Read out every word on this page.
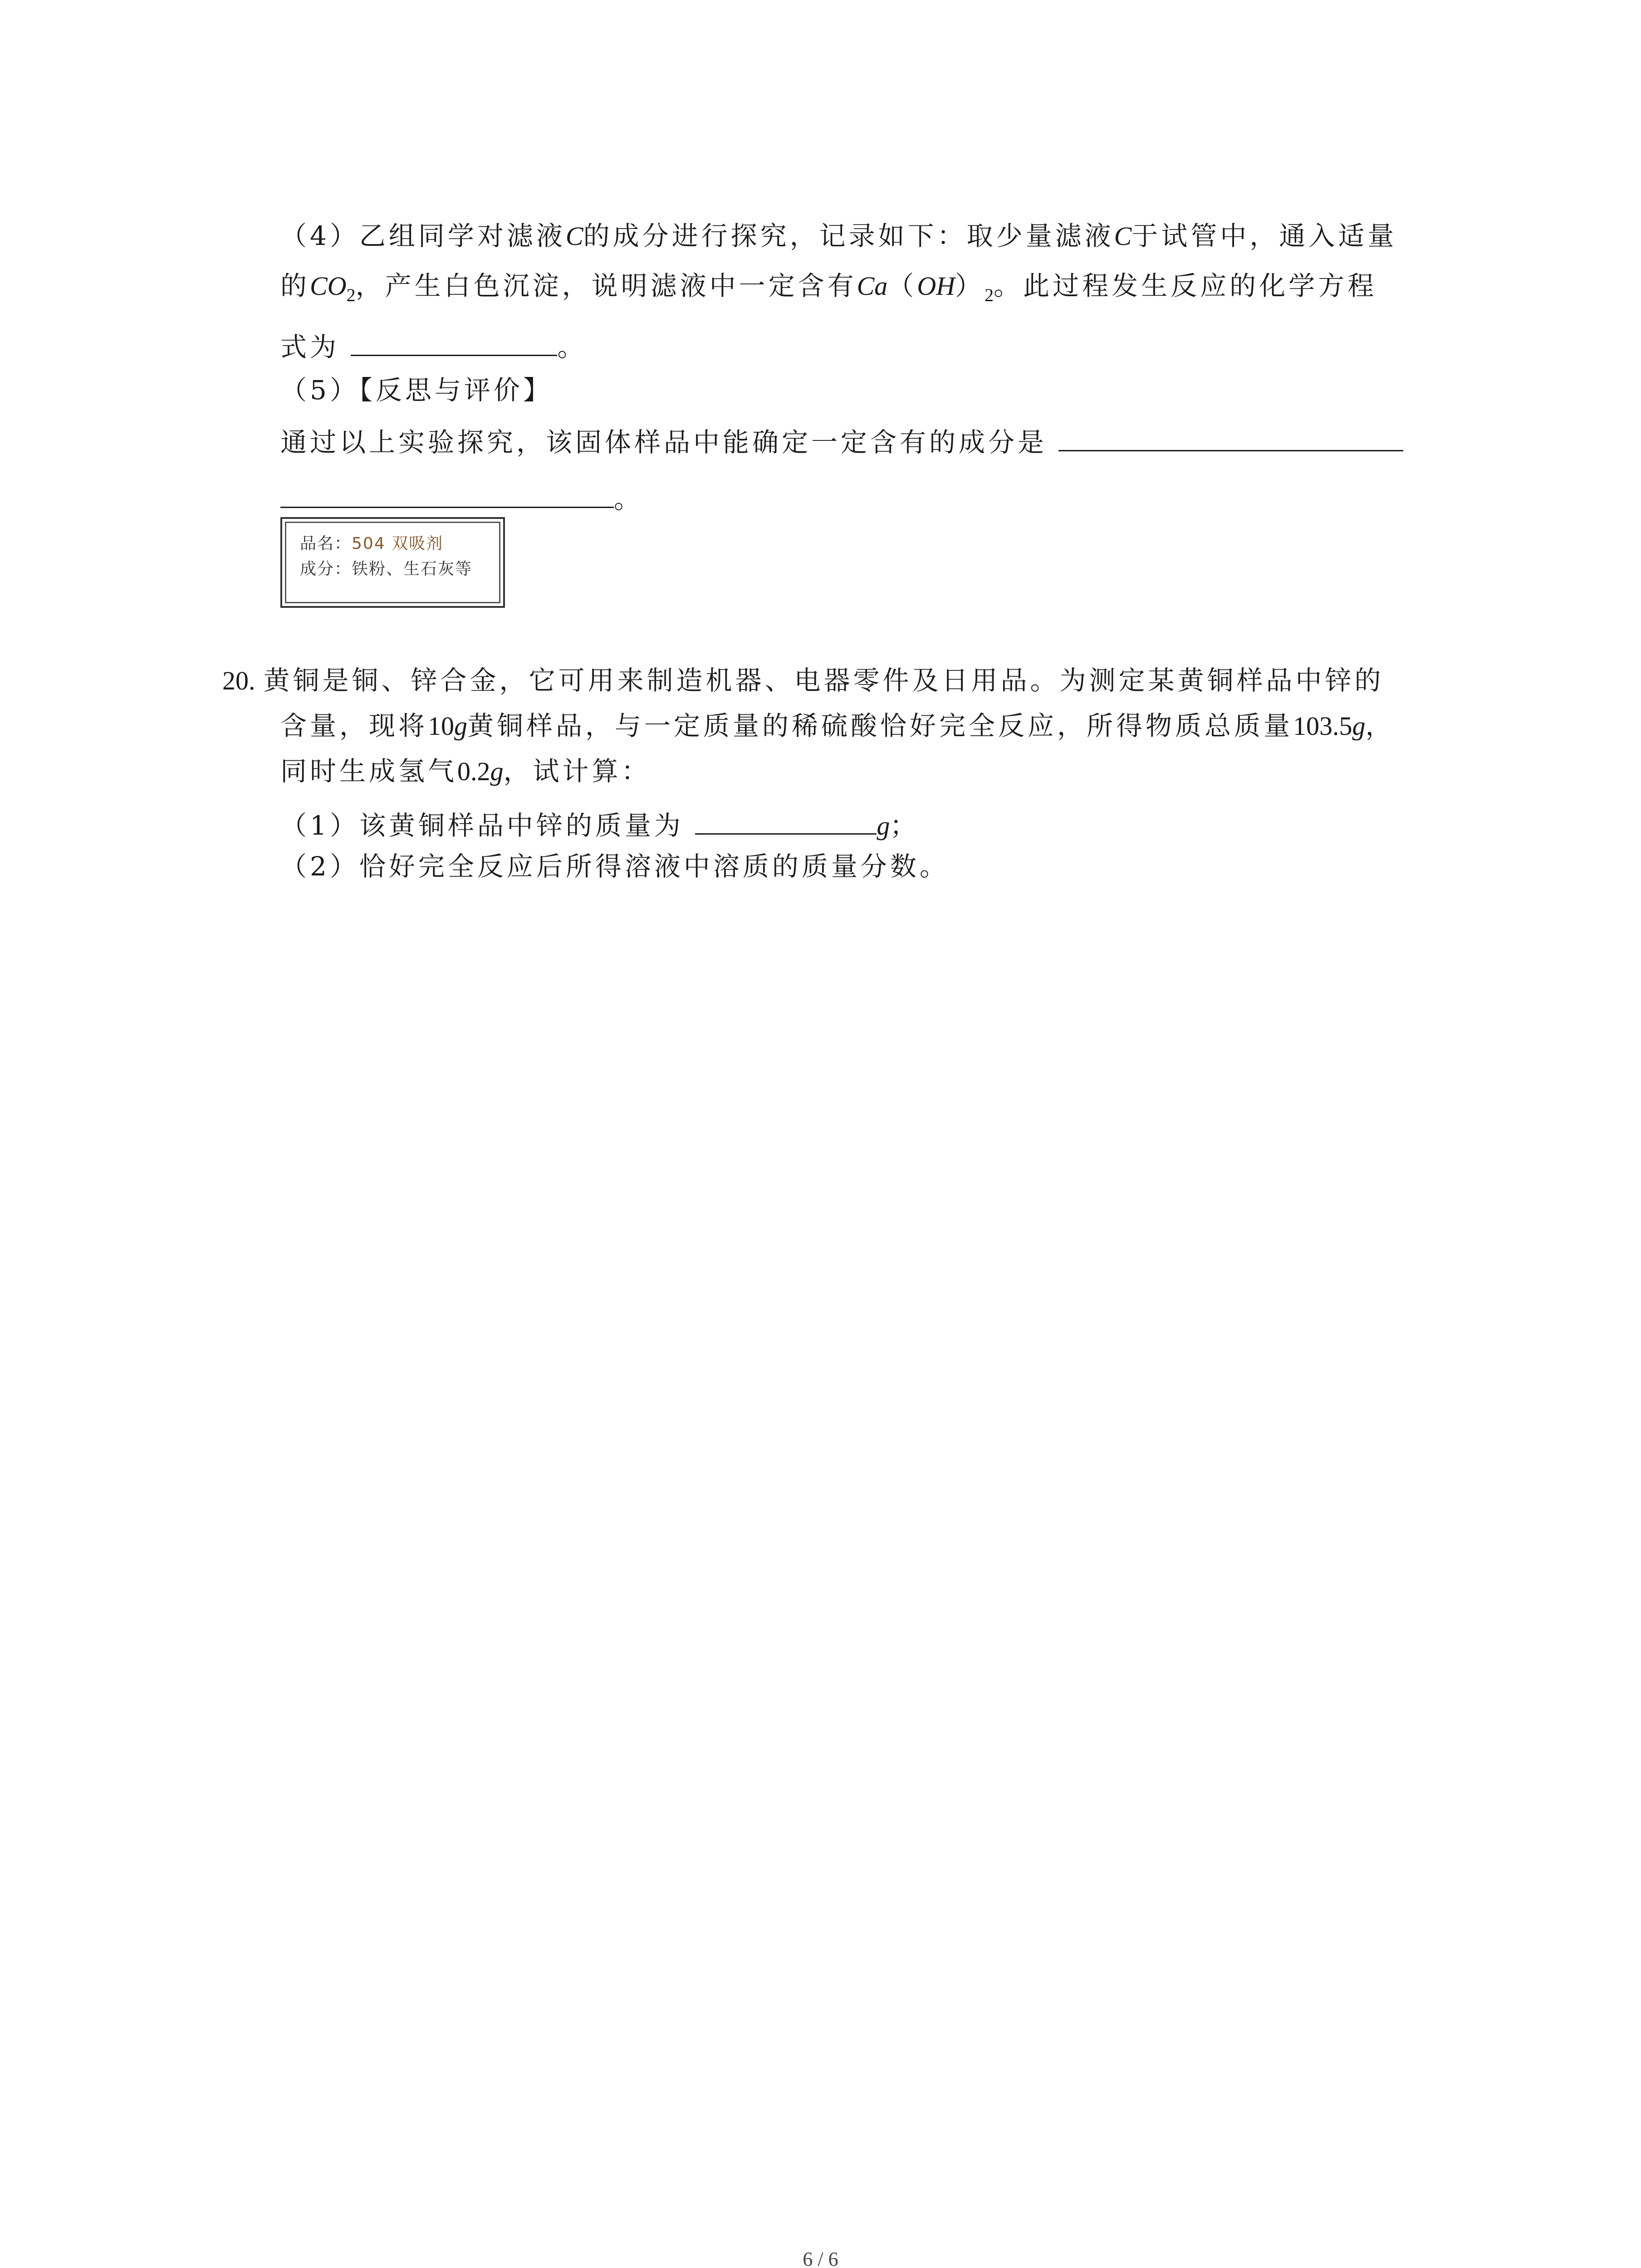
（4）乙组同学对滤液C的成分进行探究，记录如下：取少量滤液C于试管中，通入适量
的$CO_2$，产生白色沉淀，说明滤液中一定含有$Ca(OH)_2$。此过程发生反应的化学方程
式为	。
（5）【反思与评价】
通过以上实验探究，该固体样品中能确定一定含有的成分是
。
品名：504 双吸剂
成分：铁粉、生石灰等
20. 黄铜是铜、锌合金，它可用来制造机器、电器零件及日用品。为测定某黄铜样品中锌的
含量，现将10g黄铜样品，与一定质量的稀硫酸恰好完全反应，所得物质总质量103.5g，
同时生成氢气0.2g，试计算：
（1）该黄铜样品中锌的质量为	g；
（2）恰好完全反应后所得溶液中溶质的质量分数。
6 / 6
